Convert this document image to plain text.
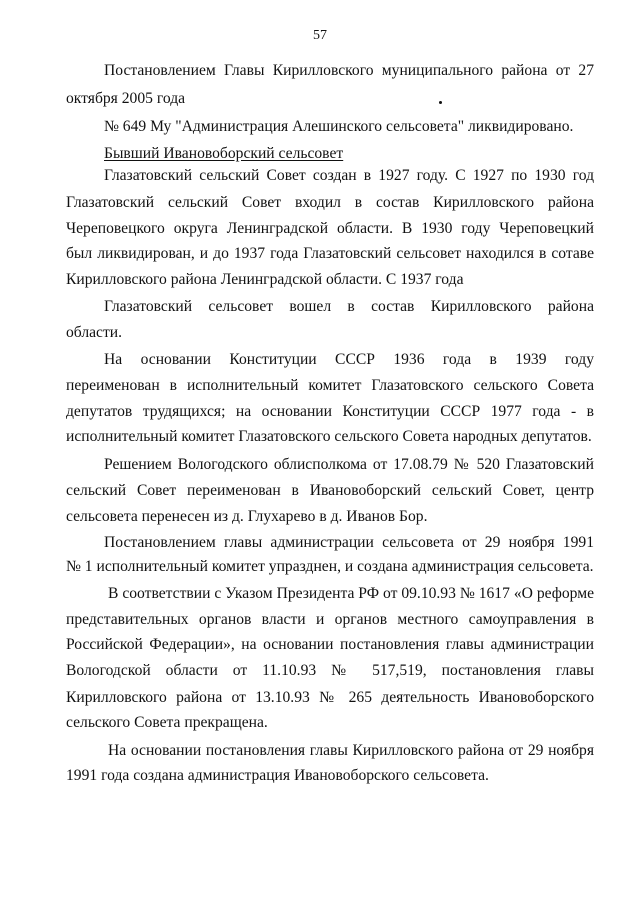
57

Постановлением Главы Кирилловского муниципального района от 27

октября 2005 года

№ 649 Му "Администрация Алешинского сельсовета" ликвидировано.

Бывший Ивановоборский сельсовет

Глазатовский сельский Совет создан в 1927 году. С 1927 по 1930 год

Глазатовский сельский Совет входил в состав Кирилловского района

Череповецкого округа Ленинградской области. В 1930 году Череповецкий

был ликвидирован, и до 1937 года Глазатовский сельсовет находился в сотаве

Кирилловского района Ленинградской области. С 1937 года

Глазатовский сельсовет вошел в состав Кирилловского района

области.

На основании Конституции СССР 1936 года в 1939 году

переименован в исполнительный комитет Глазатовского сельского Совета

депутатов трудящихся; на основании Конституции СССР 1977 года - в

исполнительный комитет Глазатовского сельского Совета народных депутатов.

Решением Вологодского облисполкома от 17.08.79 № 520 Глазатовский

сельский Совет переименован в Ивановоборский сельский Совет, центр

сельсовета перенесен из д. Глухарево в д. Иванов Бор.

Постановлением главы администрации сельсовета от 29 ноября 1991

№ 1 исполнительный комитет упразднен, и создана администрация сельсовета.

В соответствии с Указом Президента РФ от 09.10.93 № 1617 «О реформе

представительных органов власти и органов местного самоуправления в

Российской Федерации», на основании постановления главы администрации

Вологодской области от 11.10.93 № 517,519, постановления главы

Кирилловского района от 13.10.93 № 265 деятельность Ивановоборского

сельского Совета прекращена.

На основании постановления главы Кирилловского района от 29 ноября

1991 года создана администрация Ивановоборского сельсовета.
